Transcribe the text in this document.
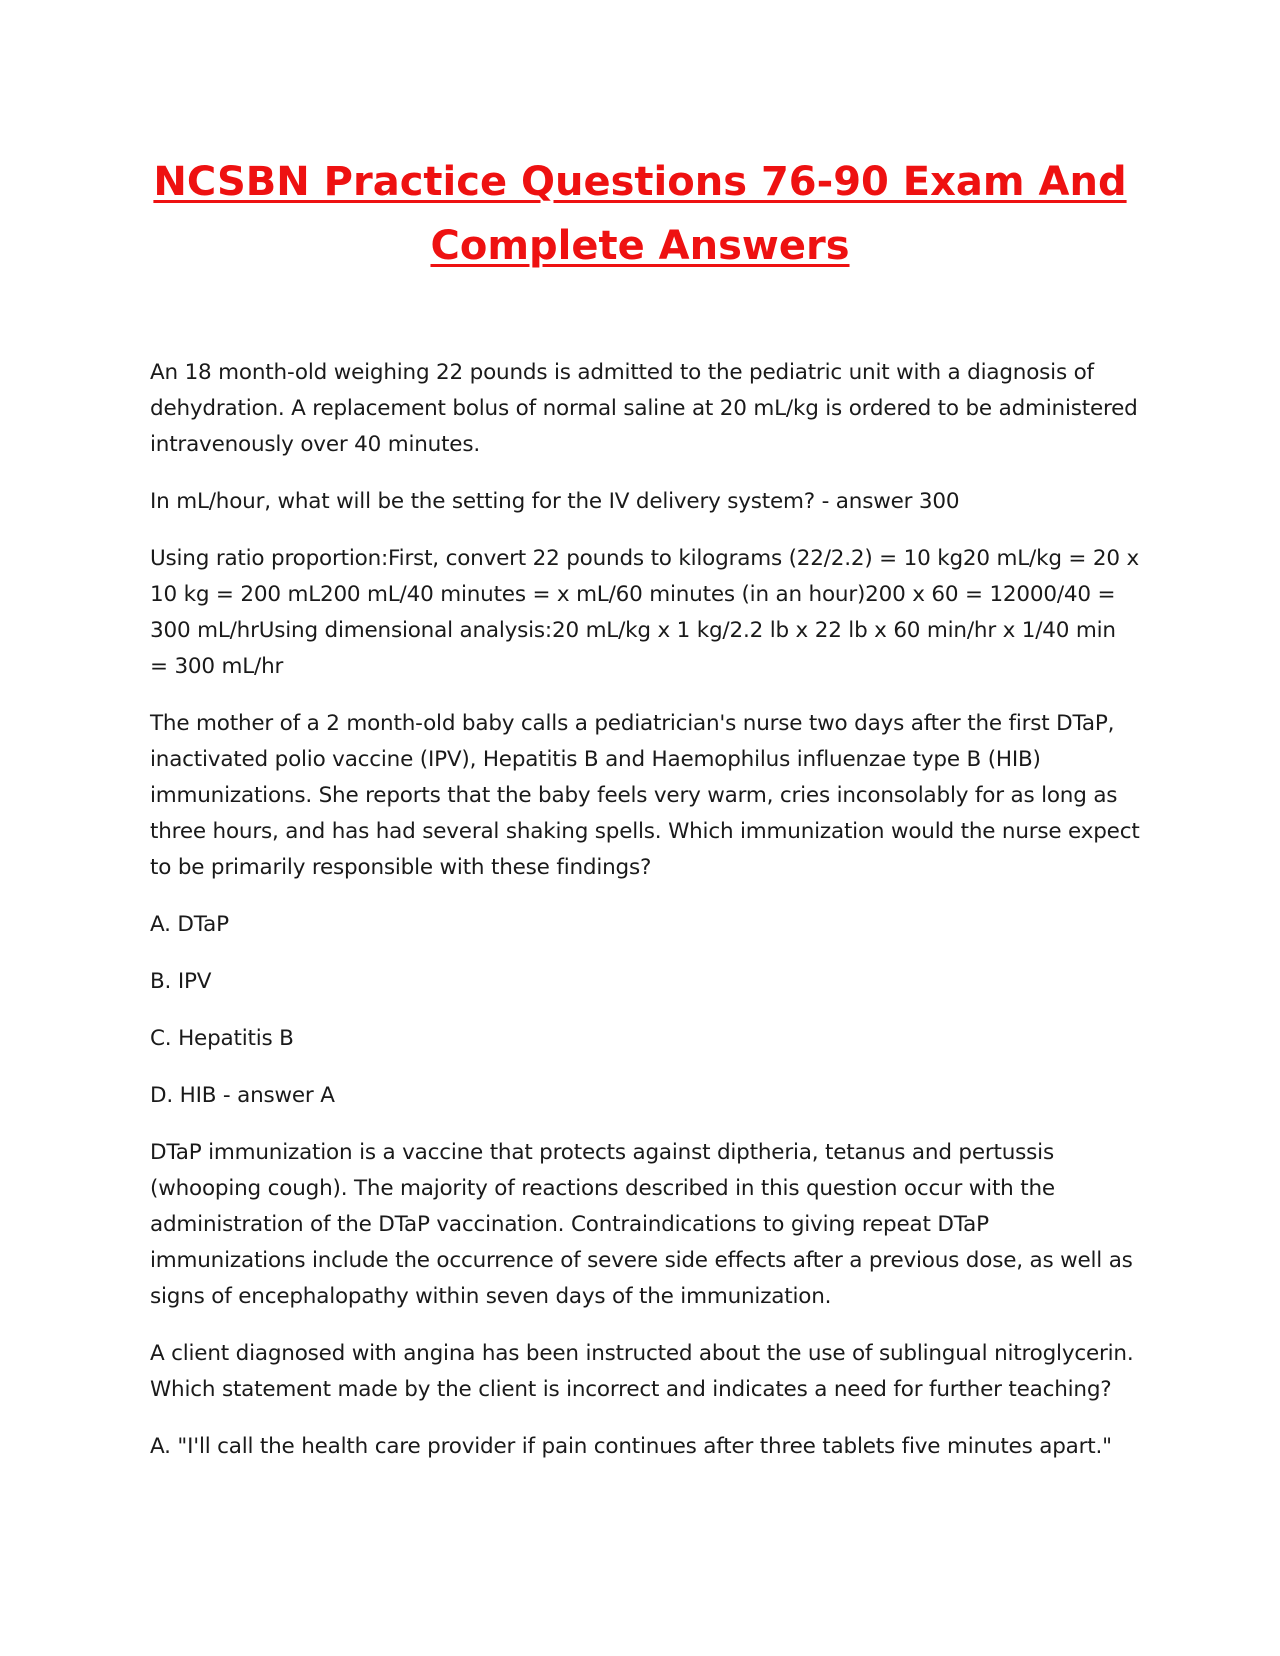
NCSBN Practice Questions 76-90 Exam And
Complete Answers

An 18 month-old weighing 22 pounds is admitted to the pediatric unit with a diagnosis of dehydration. A replacement bolus of normal saline at 20 mL/kg is ordered to be administered intravenously over 40 minutes.

In mL/hour, what will be the setting for the IV delivery system? - answer 300

Using ratio proportion:First, convert 22 pounds to kilograms (22/2.2) = 10 kg20 mL/kg = 20 x 10 kg = 200 mL200 mL/40 minutes = x mL/60 minutes (in an hour)200 x 60 = 12000/40 = 300 mL/hrUsing dimensional analysis:20 mL/kg x 1 kg/2.2 lb x 22 lb x 60 min/hr x 1/40 min = 300 mL/hr

The mother of a 2 month-old baby calls a pediatrician's nurse two days after the first DTaP, inactivated polio vaccine (IPV), Hepatitis B and Haemophilus influenzae type B (HIB) immunizations. She reports that the baby feels very warm, cries inconsolably for as long as three hours, and has had several shaking spells. Which immunization would the nurse expect to be primarily responsible with these findings?

A. DTaP

B. IPV

C. Hepatitis B

D. HIB - answer A

DTaP immunization is a vaccine that protects against diptheria, tetanus and pertussis (whooping cough). The majority of reactions described in this question occur with the administration of the DTaP vaccination. Contraindications to giving repeat DTaP immunizations include the occurrence of severe side effects after a previous dose, as well as signs of encephalopathy within seven days of the immunization.

A client diagnosed with angina has been instructed about the use of sublingual nitroglycerin. Which statement made by the client is incorrect and indicates a need for further teaching?

A. "I'll call the health care provider if pain continues after three tablets five minutes apart."
